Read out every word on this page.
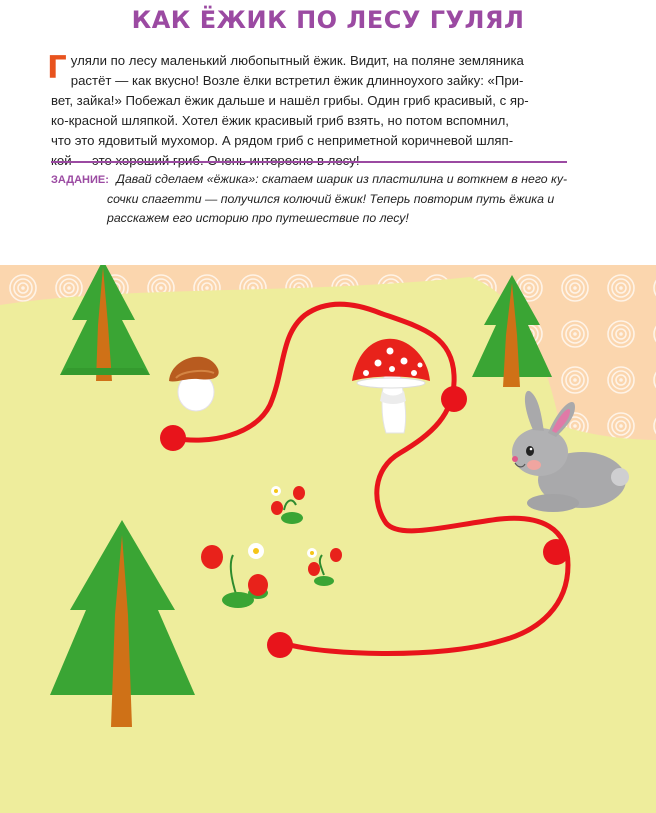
КАК ЁЖИК ПО ЛЕСУ ГУЛЯЛ
Г уляли по лесу маленький любопытный ёжик. Видит, на поляне земляника
растёт — как вкусно! Возле ёлки встретил ёжик длинноухого зайку: «При-
вет, зайка!» Побежал ёжик дальше и нашёл грибы. Один гриб красивый, с яр-
ко-красной шляпкой. Хотел ёжик красивый гриб взять, но потом вспомнил,
что это ядовитый мухомор. А рядом гриб с неприметной коричневой шляп-
кой — это хороший гриб. Очень интересно в лесу!
ЗАДАНИЕ: Давай сделаем «ёжика»: скатаем шарик из пластилина и воткнем в него ку-
сочки спагетти — получился колючий ёжик! Теперь повторим путь ёжика и
расскажем его историю про путешествие по лесу!
